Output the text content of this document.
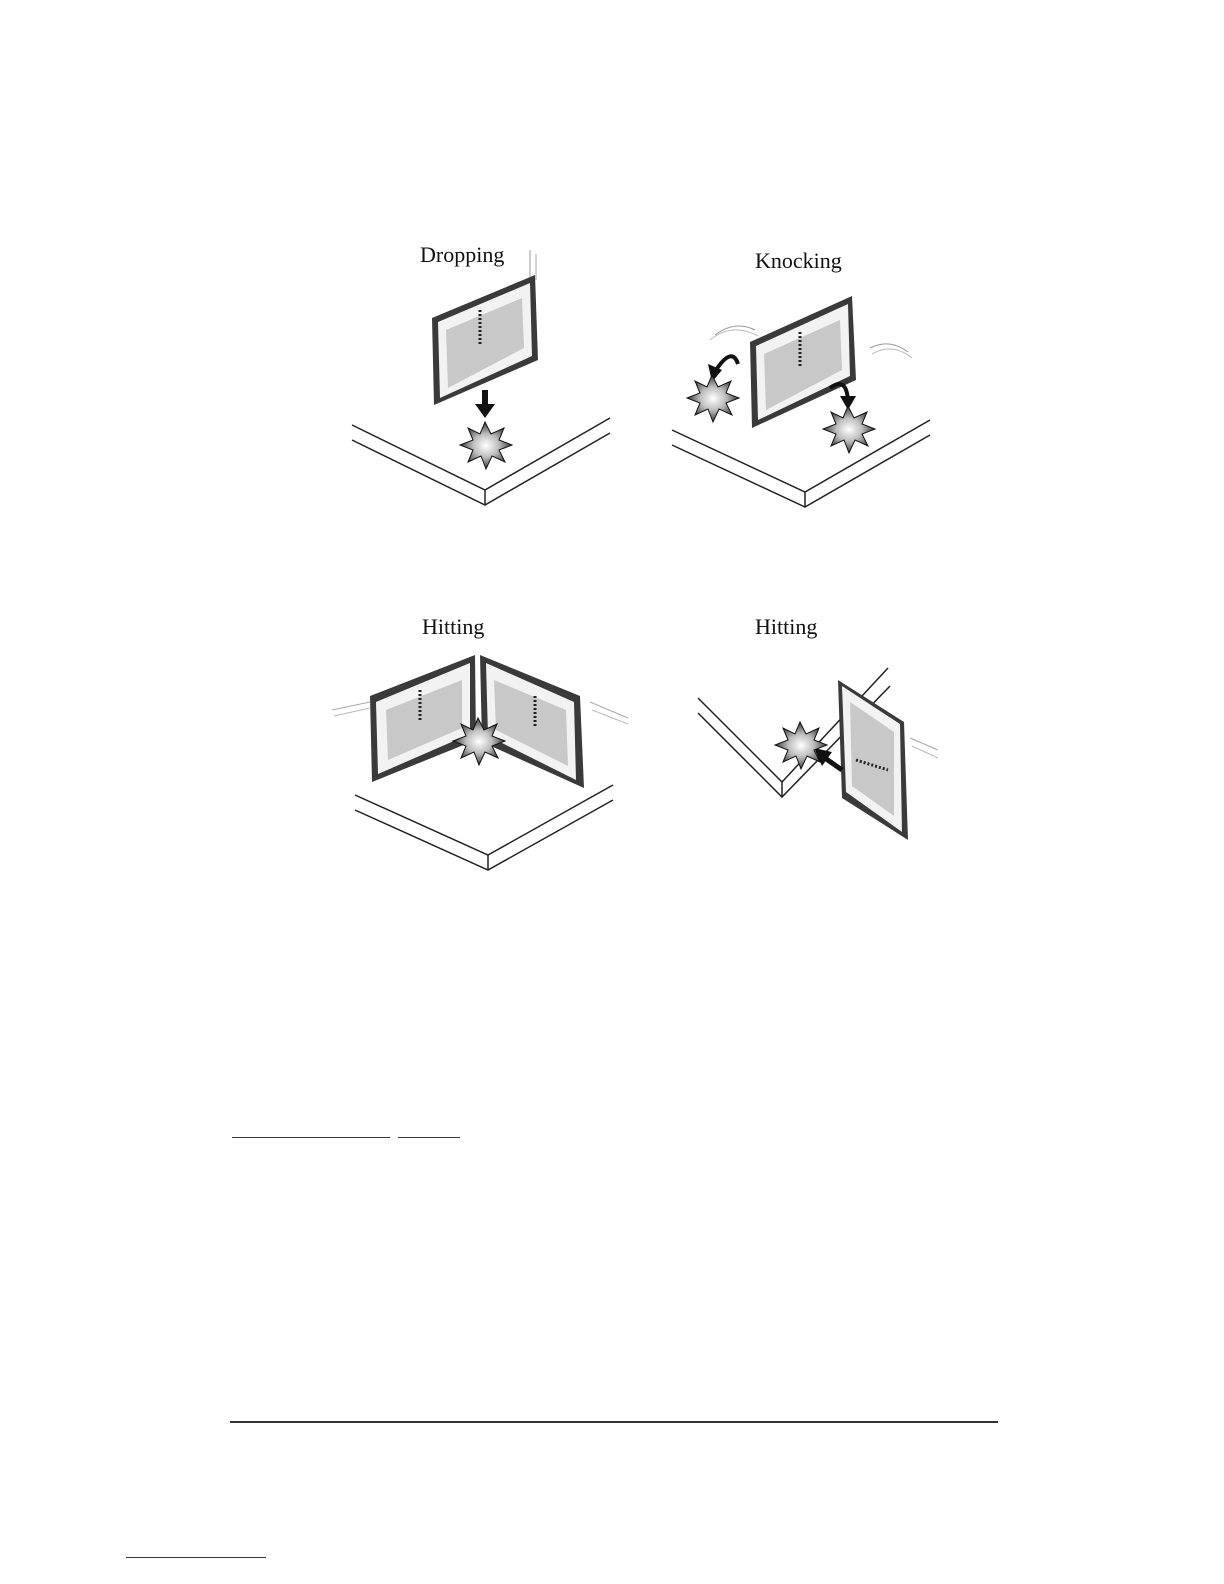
Dropping	Knocking
Hitting	Hitting
